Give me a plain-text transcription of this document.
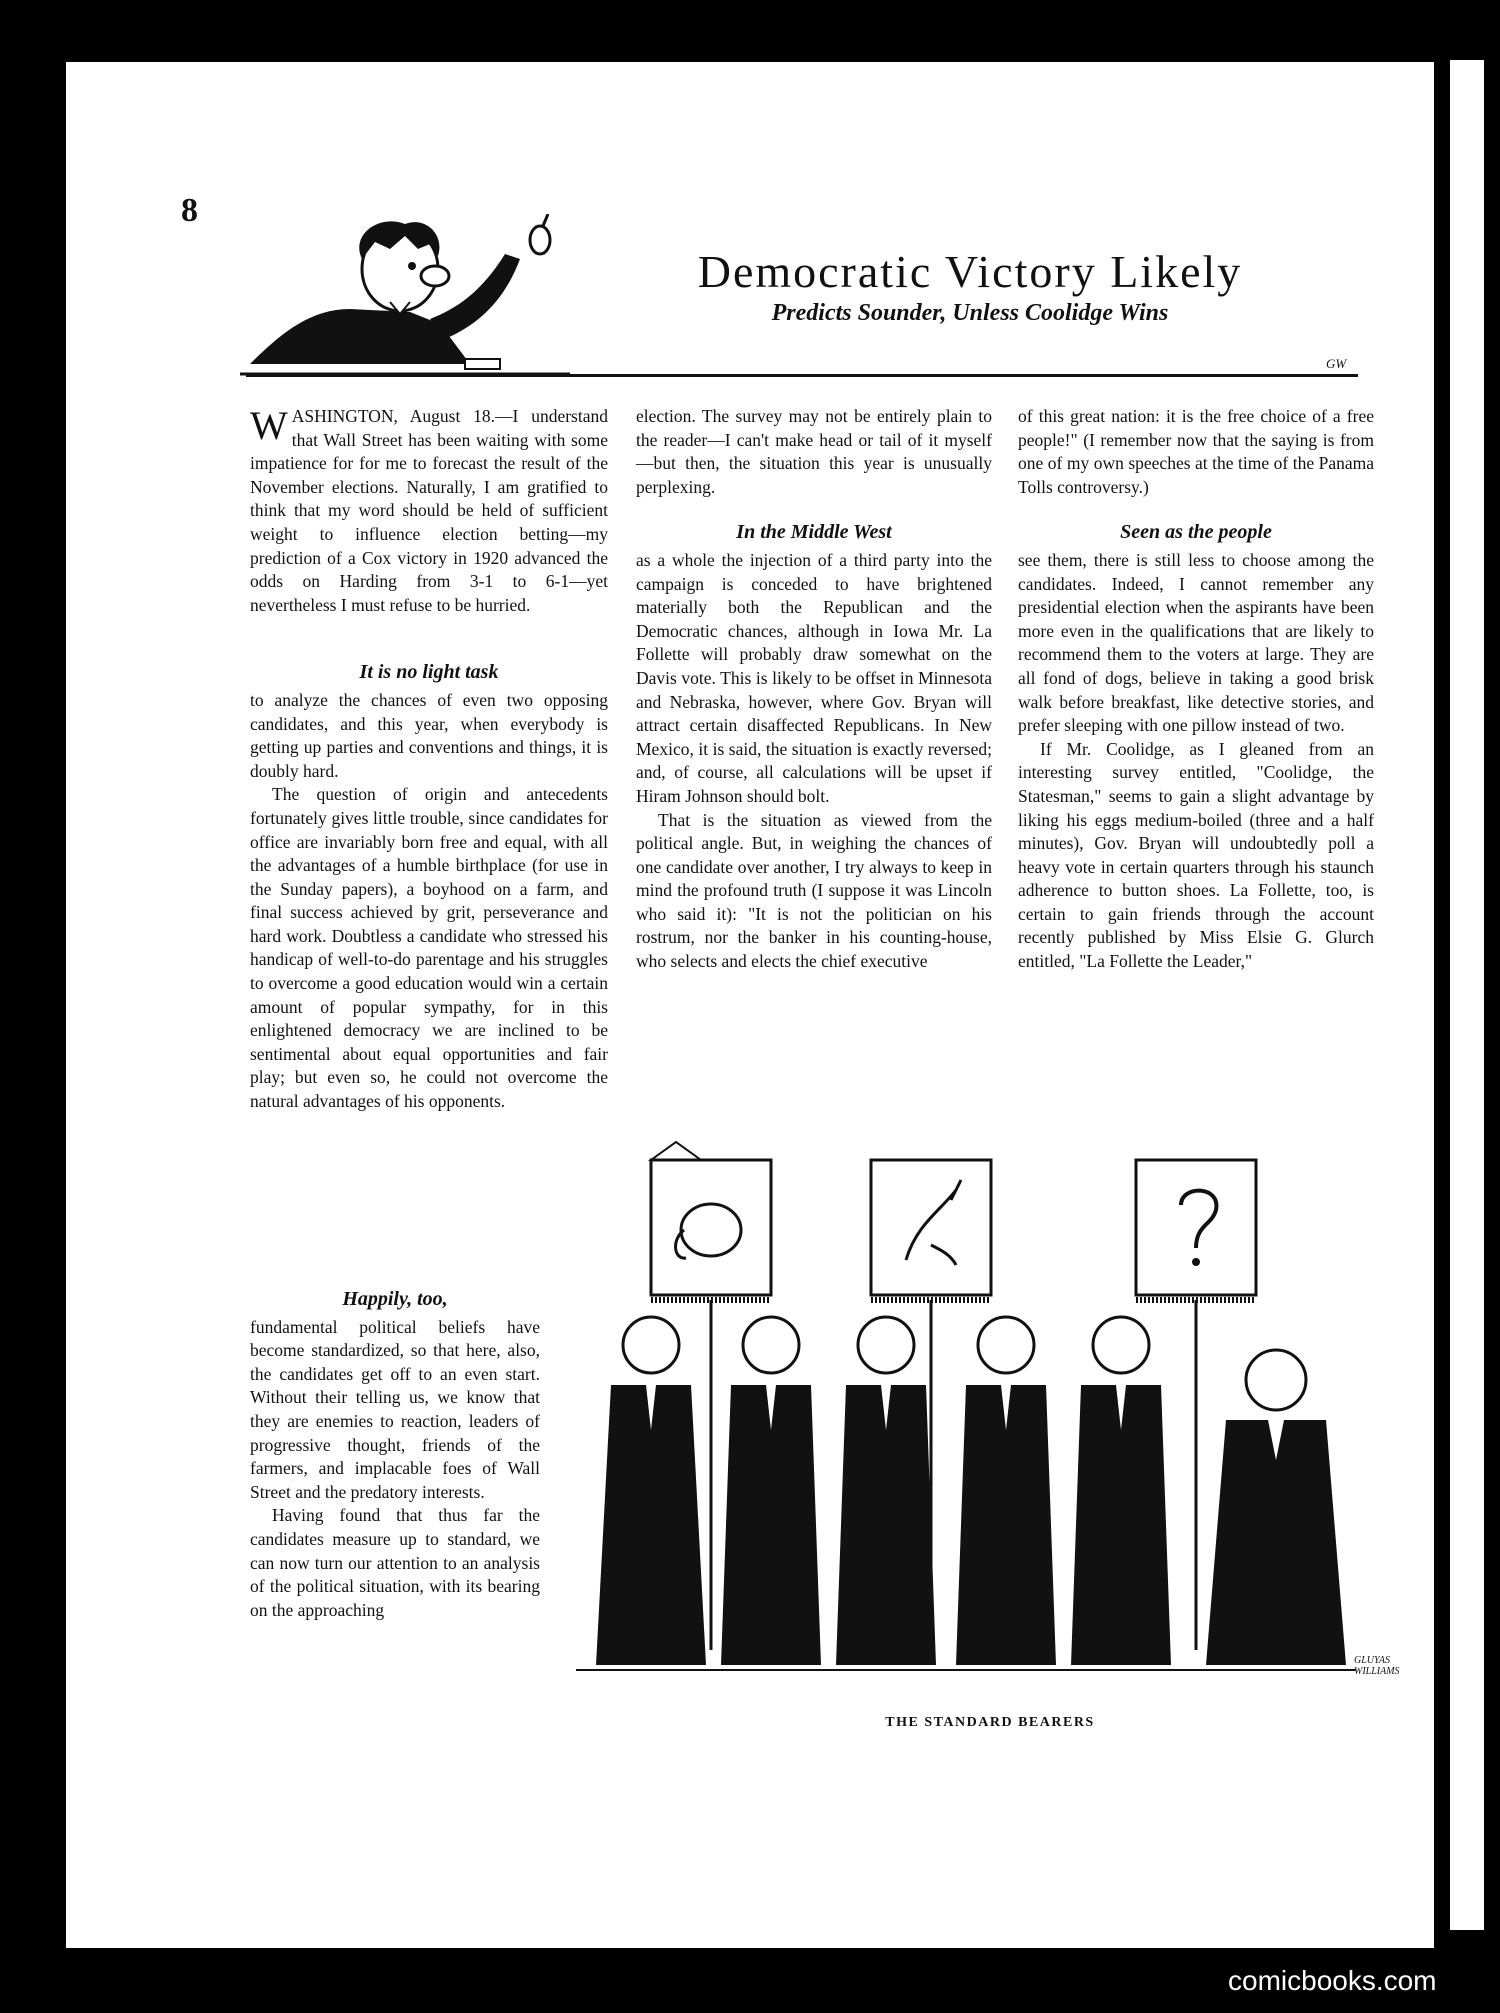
8
Democratic Victory Likely
Predicts Sounder, Unless Coolidge Wins
GW

WASHINGTON, August 18.—I understand that Wall Street has been waiting with some impatience for for me to forecast the result of the November elections. Naturally, I am gratified to think that my word should be held of sufficient weight to influence election betting—my prediction of a Cox victory in 1920 advanced the odds on Harding from 3-1 to 6-1—yet nevertheless I must refuse to be hurried.

It is no light task

to analyze the chances of even two opposing candidates, and this year, when everybody is getting up parties and conventions and things, it is doubly hard.

The question of origin and antecedents fortunately gives little trouble, since candidates for office are invariably born free and equal, with all the advantages of a humble birthplace (for use in the Sunday papers), a boyhood on a farm, and final success achieved by grit, perseverance and hard work. Doubtless a candidate who stressed his handicap of well-to-do parentage and his struggles to overcome a good education would win a certain amount of popular sympathy, for in this enlightened democracy we are inclined to be sentimental about equal opportunities and fair play; but even so, he could not overcome the natural advantages of his opponents.

Happily, too,

fundamental political beliefs have become standardized, so that here, also, the candidates get off to an even start. Without their telling us, we know that they are enemies to reaction, leaders of progressive thought, friends of the farmers, and implacable foes of Wall Street and the predatory interests.

Having found that thus far the candidates measure up to standard, we can now turn our attention to an analysis of the political situation, with its bearing on the approaching

election. The survey may not be entirely plain to the reader—I can't make head or tail of it myself—but then, the situation this year is unusually perplexing.

In the Middle West

as a whole the injection of a third party into the campaign is conceded to have brightened materially both the Republican and the Democratic chances, although in Iowa Mr. La Follette will probably draw somewhat on the Davis vote. This is likely to be offset in Minnesota and Nebraska, however, where Gov. Bryan will attract certain disaffected Republicans. In New Mexico, it is said, the situation is exactly reversed; and, of course, all calculations will be upset if Hiram Johnson should bolt.

That is the situation as viewed from the political angle. But, in weighing the chances of one candidate over another, I try always to keep in mind the profound truth (I suppose it was Lincoln who said it): "It is not the politician on his rostrum, nor the banker in his counting-house, who selects and elects the chief executive

of this great nation: it is the free choice of a free people!" (I remember now that the saying is from one of my own speeches at the time of the Panama Tolls controversy.)

Seen as the people

see them, there is still less to choose among the candidates. Indeed, I cannot remember any presidential election when the aspirants have been more even in the qualifications that are likely to recommend them to the voters at large. They are all fond of dogs, believe in taking a good brisk walk before breakfast, like detective stories, and prefer sleeping with one pillow instead of two.

If Mr. Coolidge, as I gleaned from an interesting survey entitled, "Coolidge, the Statesman," seems to gain a slight advantage by liking his eggs medium-boiled (three and a half minutes), Gov. Bryan will undoubtedly poll a heavy vote in certain quarters through his staunch adherence to button shoes. La Follette, too, is certain to gain friends through the account recently published by Miss Elsie G. Glurch entitled, "La Follette the Leader,"

GLUYAS WILLIAMS
THE STANDARD BEARERS
comicbooks.com
